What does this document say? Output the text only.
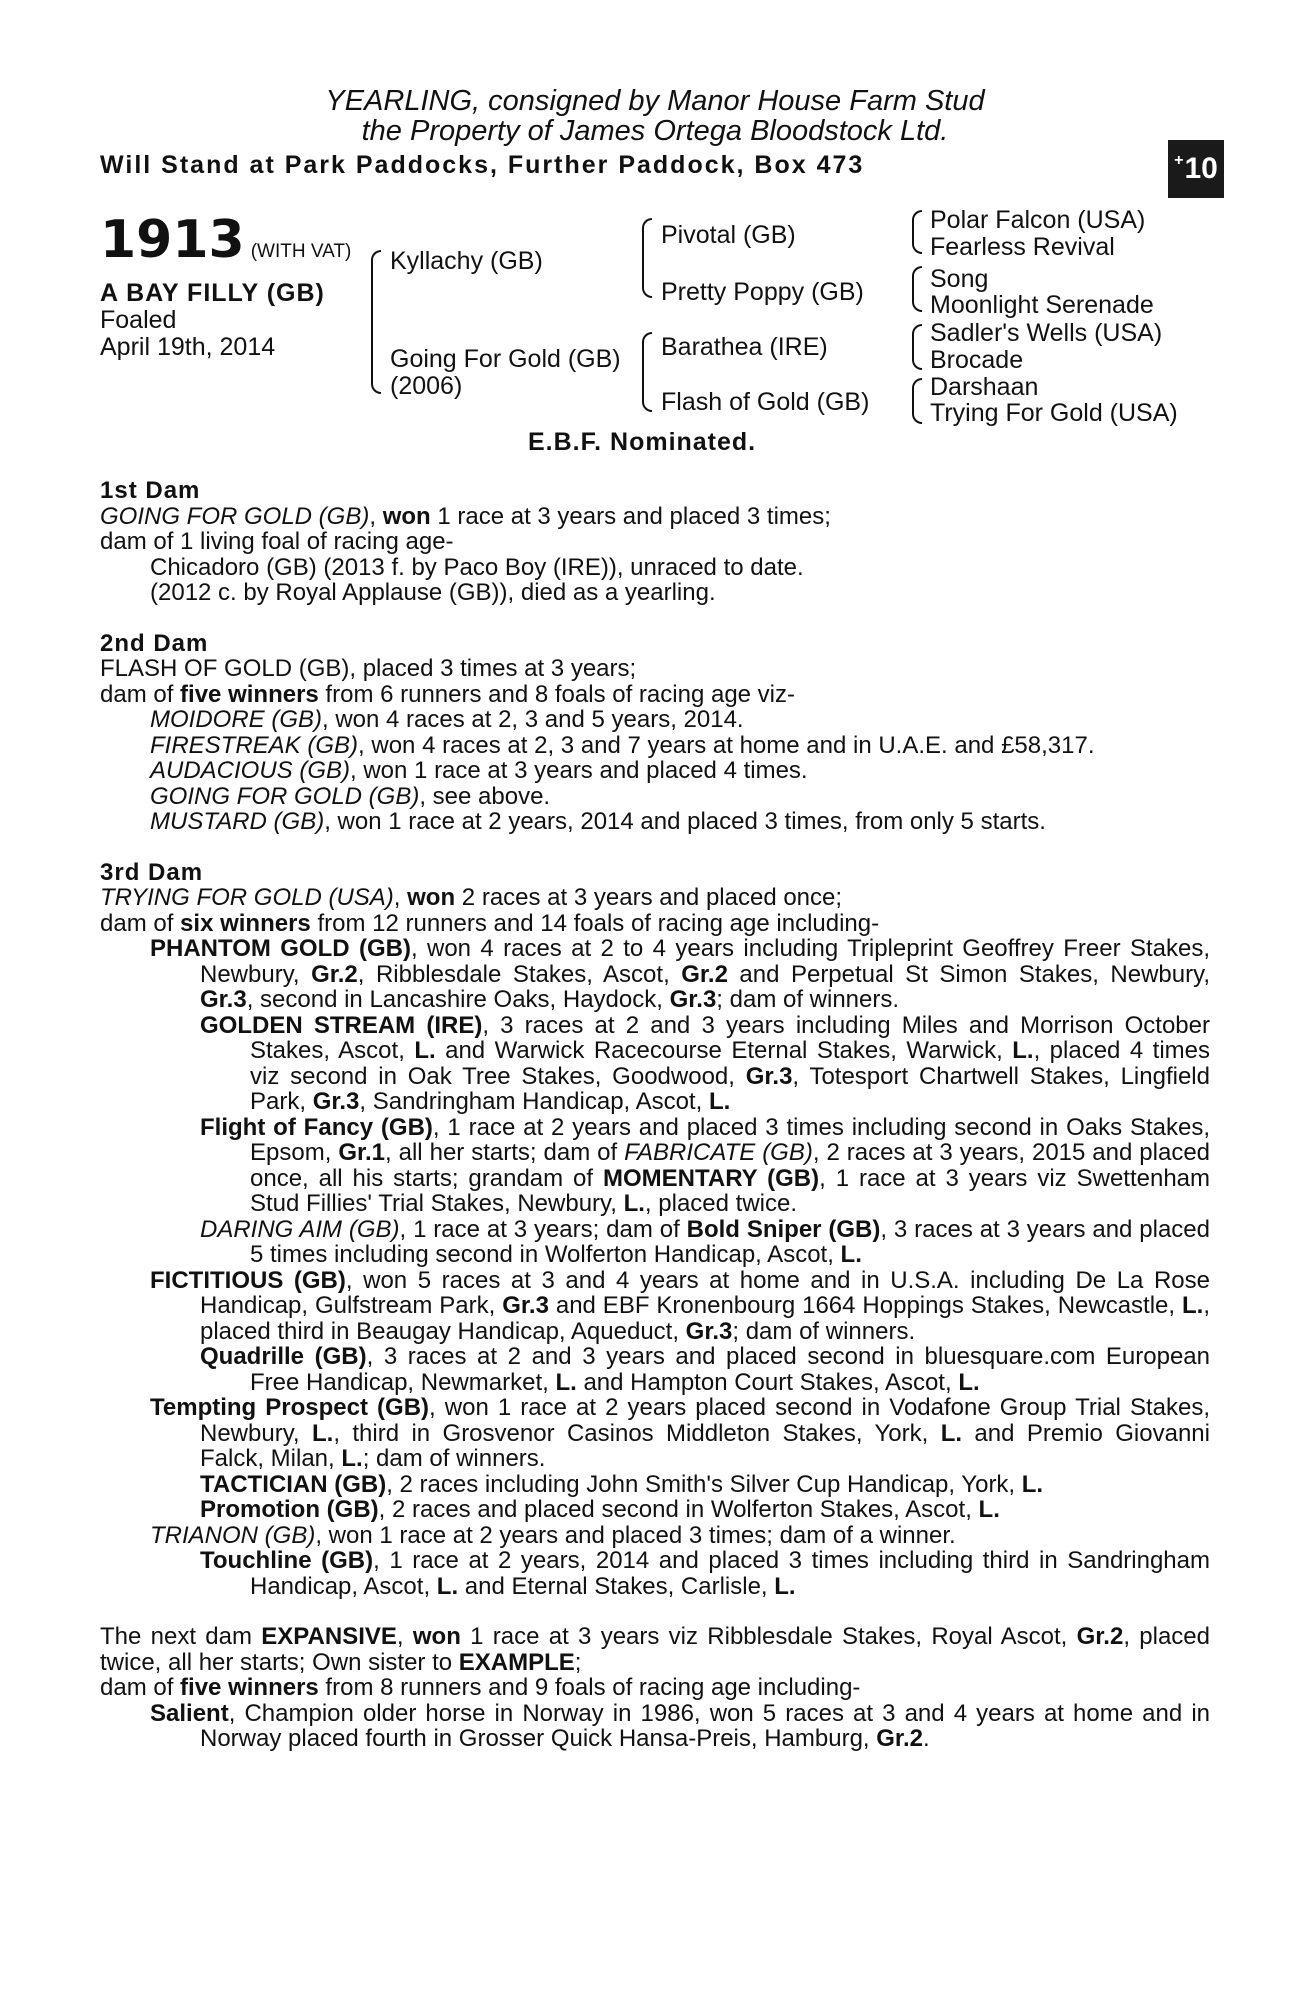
YEARLING, consigned by Manor House Farm Stud
the Property of James Ortega Bloodstock Ltd.
Will Stand at Park Paddocks, Further Paddock, Box 473	+ 10
1913 (WITH VAT)
A BAY FILLY (GB)
Foaled
April 19th, 2014
Kyllachy (GB)
Going For Gold (GB)
(2006)
Pivotal (GB)
Pretty Poppy (GB)
Barathea (IRE)
Flash of Gold (GB)
Polar Falcon (USA)
Fearless Revival
Song
Moonlight Serenade
Sadler's Wells (USA)
Brocade
Darshaan
Trying For Gold (USA)
E.B.F. Nominated.
1st Dam
GOING FOR GOLD (GB), won 1 race at 3 years and placed 3 times;
dam of 1 living foal of racing age-
Chicadoro (GB) (2013 f. by Paco Boy (IRE)), unraced to date.
(2012 c. by Royal Applause (GB)), died as a yearling.
2nd Dam
FLASH OF GOLD (GB), placed 3 times at 3 years;
dam of five winners from 6 runners and 8 foals of racing age viz-
MOIDORE (GB), won 4 races at 2, 3 and 5 years, 2014.
FIRESTREAK (GB), won 4 races at 2, 3 and 7 years at home and in U.A.E. and £58,317.
AUDACIOUS (GB), won 1 race at 3 years and placed 4 times.
GOING FOR GOLD (GB), see above.
MUSTARD (GB), won 1 race at 2 years, 2014 and placed 3 times, from only 5 starts.
3rd Dam
TRYING FOR GOLD (USA), won 2 races at 3 years and placed once;
dam of six winners from 12 runners and 14 foals of racing age including-
PHANTOM GOLD (GB), won 4 races at 2 to 4 years including Tripleprint Geoffrey Freer Stakes, Newbury, Gr.2, Ribblesdale Stakes, Ascot, Gr.2 and Perpetual St Simon Stakes, Newbury, Gr.3, second in Lancashire Oaks, Haydock, Gr.3; dam of winners.
GOLDEN STREAM (IRE), 3 races at 2 and 3 years including Miles and Morrison October Stakes, Ascot, L. and Warwick Racecourse Eternal Stakes, Warwick, L., placed 4 times viz second in Oak Tree Stakes, Goodwood, Gr.3, Totesport Chartwell Stakes, Lingfield Park, Gr.3, Sandringham Handicap, Ascot, L.
Flight of Fancy (GB), 1 race at 2 years and placed 3 times including second in Oaks Stakes, Epsom, Gr.1, all her starts; dam of FABRICATE (GB), 2 races at 3 years, 2015 and placed once, all his starts; grandam of MOMENTARY (GB), 1 race at 3 years viz Swettenham Stud Fillies' Trial Stakes, Newbury, L., placed twice.
DARING AIM (GB), 1 race at 3 years; dam of Bold Sniper (GB), 3 races at 3 years and placed 5 times including second in Wolferton Handicap, Ascot, L.
FICTITIOUS (GB), won 5 races at 3 and 4 years at home and in U.S.A. including De La Rose Handicap, Gulfstream Park, Gr.3 and EBF Kronenbourg 1664 Hoppings Stakes, Newcastle, L., placed third in Beaugay Handicap, Aqueduct, Gr.3; dam of winners.
Quadrille (GB), 3 races at 2 and 3 years and placed second in bluesquare.com European Free Handicap, Newmarket, L. and Hampton Court Stakes, Ascot, L.
Tempting Prospect (GB), won 1 race at 2 years placed second in Vodafone Group Trial Stakes, Newbury, L., third in Grosvenor Casinos Middleton Stakes, York, L. and Premio Giovanni Falck, Milan, L.; dam of winners.
TACTICIAN (GB), 2 races including John Smith's Silver Cup Handicap, York, L.
Promotion (GB), 2 races and placed second in Wolferton Stakes, Ascot, L.
TRIANON (GB), won 1 race at 2 years and placed 3 times; dam of a winner.
Touchline (GB), 1 race at 2 years, 2014 and placed 3 times including third in Sandringham Handicap, Ascot, L. and Eternal Stakes, Carlisle, L.
The next dam EXPANSIVE, won 1 race at 3 years viz Ribblesdale Stakes, Royal Ascot, Gr.2, placed twice, all her starts; Own sister to EXAMPLE;
dam of five winners from 8 runners and 9 foals of racing age including-
Salient, Champion older horse in Norway in 1986, won 5 races at 3 and 4 years at home and in Norway placed fourth in Grosser Quick Hansa-Preis, Hamburg, Gr.2.
